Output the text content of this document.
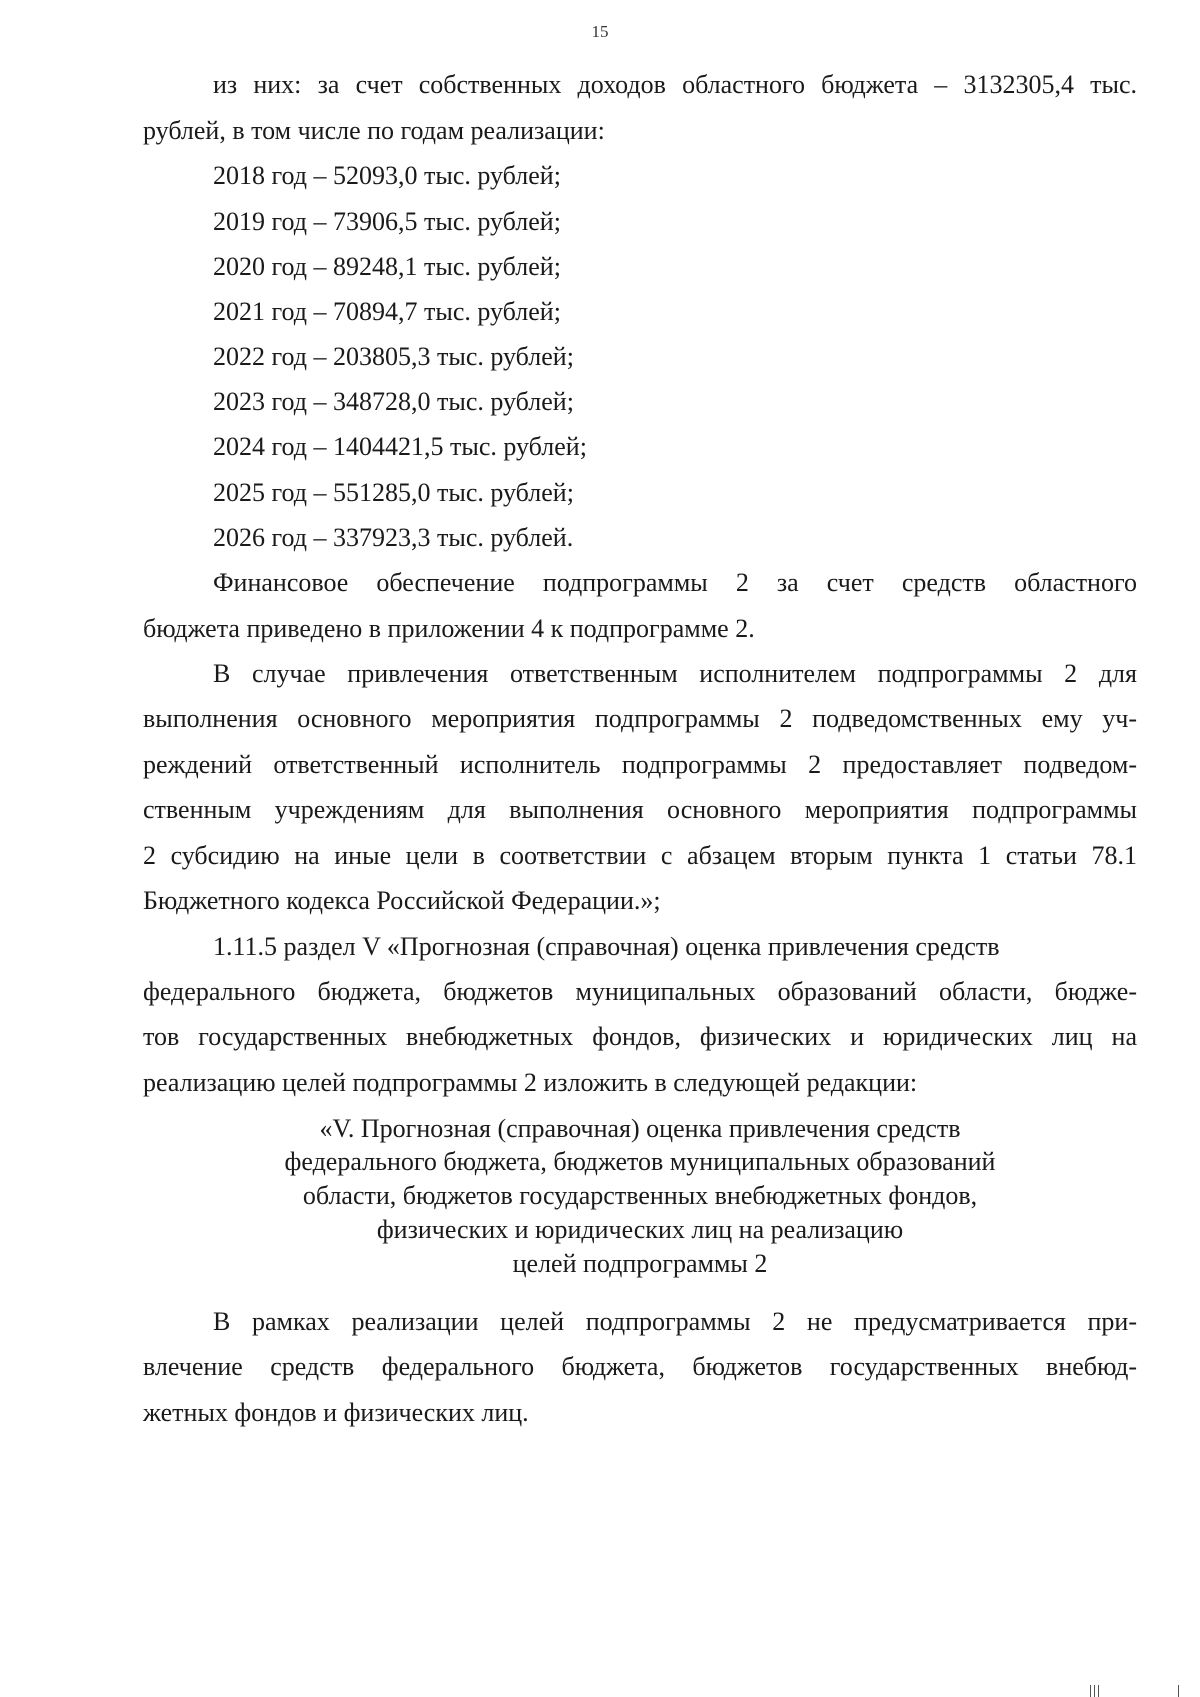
15
из них: за счет собственных доходов областного бюджета – 3132305,4 тыс.
рублей, в том числе по годам реализации:
2018 год – 52093,0 тыс. рублей;
2019 год – 73906,5 тыс. рублей;
2020 год – 89248,1 тыс. рублей;
2021 год – 70894,7 тыс. рублей;
2022 год – 203805,3 тыс. рублей;
2023 год – 348728,0 тыс. рублей;
2024 год – 1404421,5 тыс. рублей;
2025 год – 551285,0 тыс. рублей;
2026 год – 337923,3 тыс. рублей.
Финансовое обеспечение подпрограммы 2 за счет средств областного
бюджета приведено в приложении 4 к подпрограмме 2.
В случае привлечения ответственным исполнителем подпрограммы 2 для
выполнения основного мероприятия подпрограммы 2 подведомственных ему уч-
реждений ответственный исполнитель подпрограммы 2 предоставляет подведом-
ственным учреждениям для выполнения основного мероприятия подпрограммы
2 субсидию на иные цели в соответствии с абзацем вторым пункта 1 статьи 78.1
Бюджетного кодекса Российской Федерации.»;
1.11.5 раздел V «Прогнозная (справочная) оценка привлечения средств
федерального бюджета, бюджетов муниципальных образований области, бюдже-
тов государственных внебюджетных фондов, физических и юридических лиц на
реализацию целей подпрограммы 2 изложить в следующей редакции:
«V. Прогнозная (справочная) оценка привлечения средств
федерального бюджета, бюджетов муниципальных образований
области, бюджетов государственных внебюджетных фондов,
физических и юридических лиц на реализацию
целей подпрограммы 2
В рамках реализации целей подпрограммы 2 не предусматривается при-
влечение средств федерального бюджета, бюджетов государственных внебюд-
жетных фондов и физических лиц.
